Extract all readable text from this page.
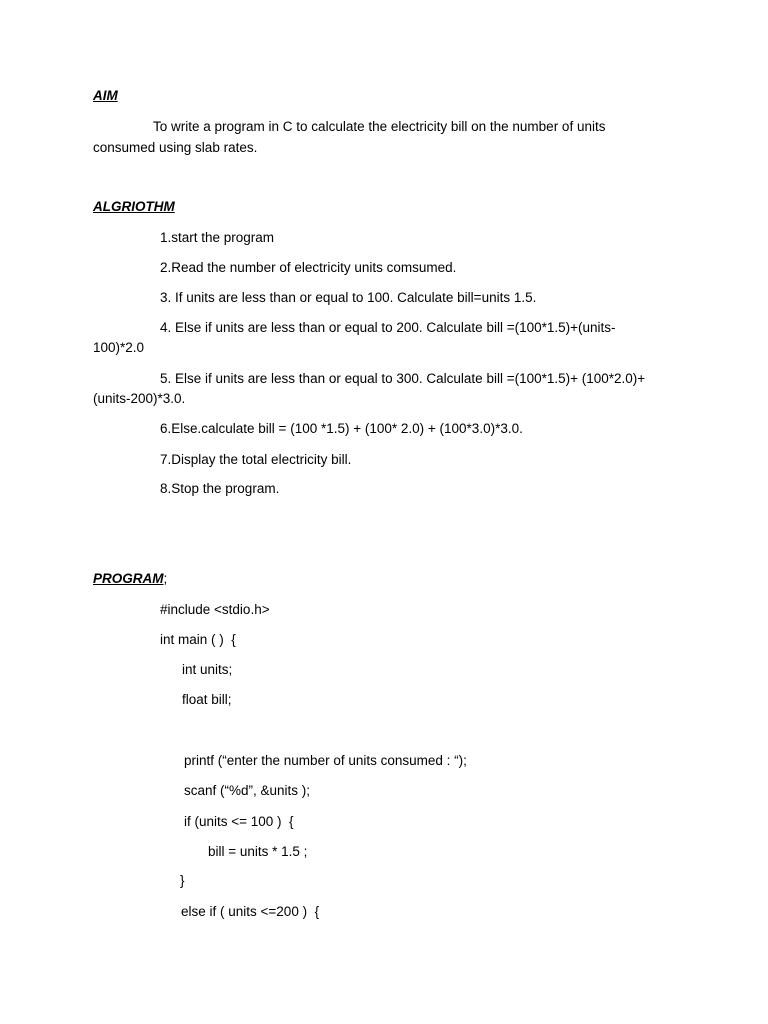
AIM
To write a program in C to calculate the electricity bill on the number of units
consumed using slab rates.
ALGRIOTHM
1.start the program
2.Read the number of electricity units comsumed.
3. If units are less than or equal to 100. Calculate bill=units 1.5.
4. Else if units are less than or equal to 200. Calculate bill =(100*1.5)+(units-
100)*2.0
5. Else if units are less than or equal to 300. Calculate bill =(100*1.5)+ (100*2.0)+
(units-200)*3.0.
6.Else.calculate bill = (100 *1.5) + (100* 2.0) + (100*3.0)*3.0.
7.Display the total electricity bill.
8.Stop the program.
PROGRAM;
#include <stdio.h>
int main ( )  {
int units;
float bill;
printf (“enter the number of units consumed : “);
scanf (“%d”, &units );
if (units <= 100 )  {
bill = units * 1.5 ;
}
else if ( units <=200 )  {
